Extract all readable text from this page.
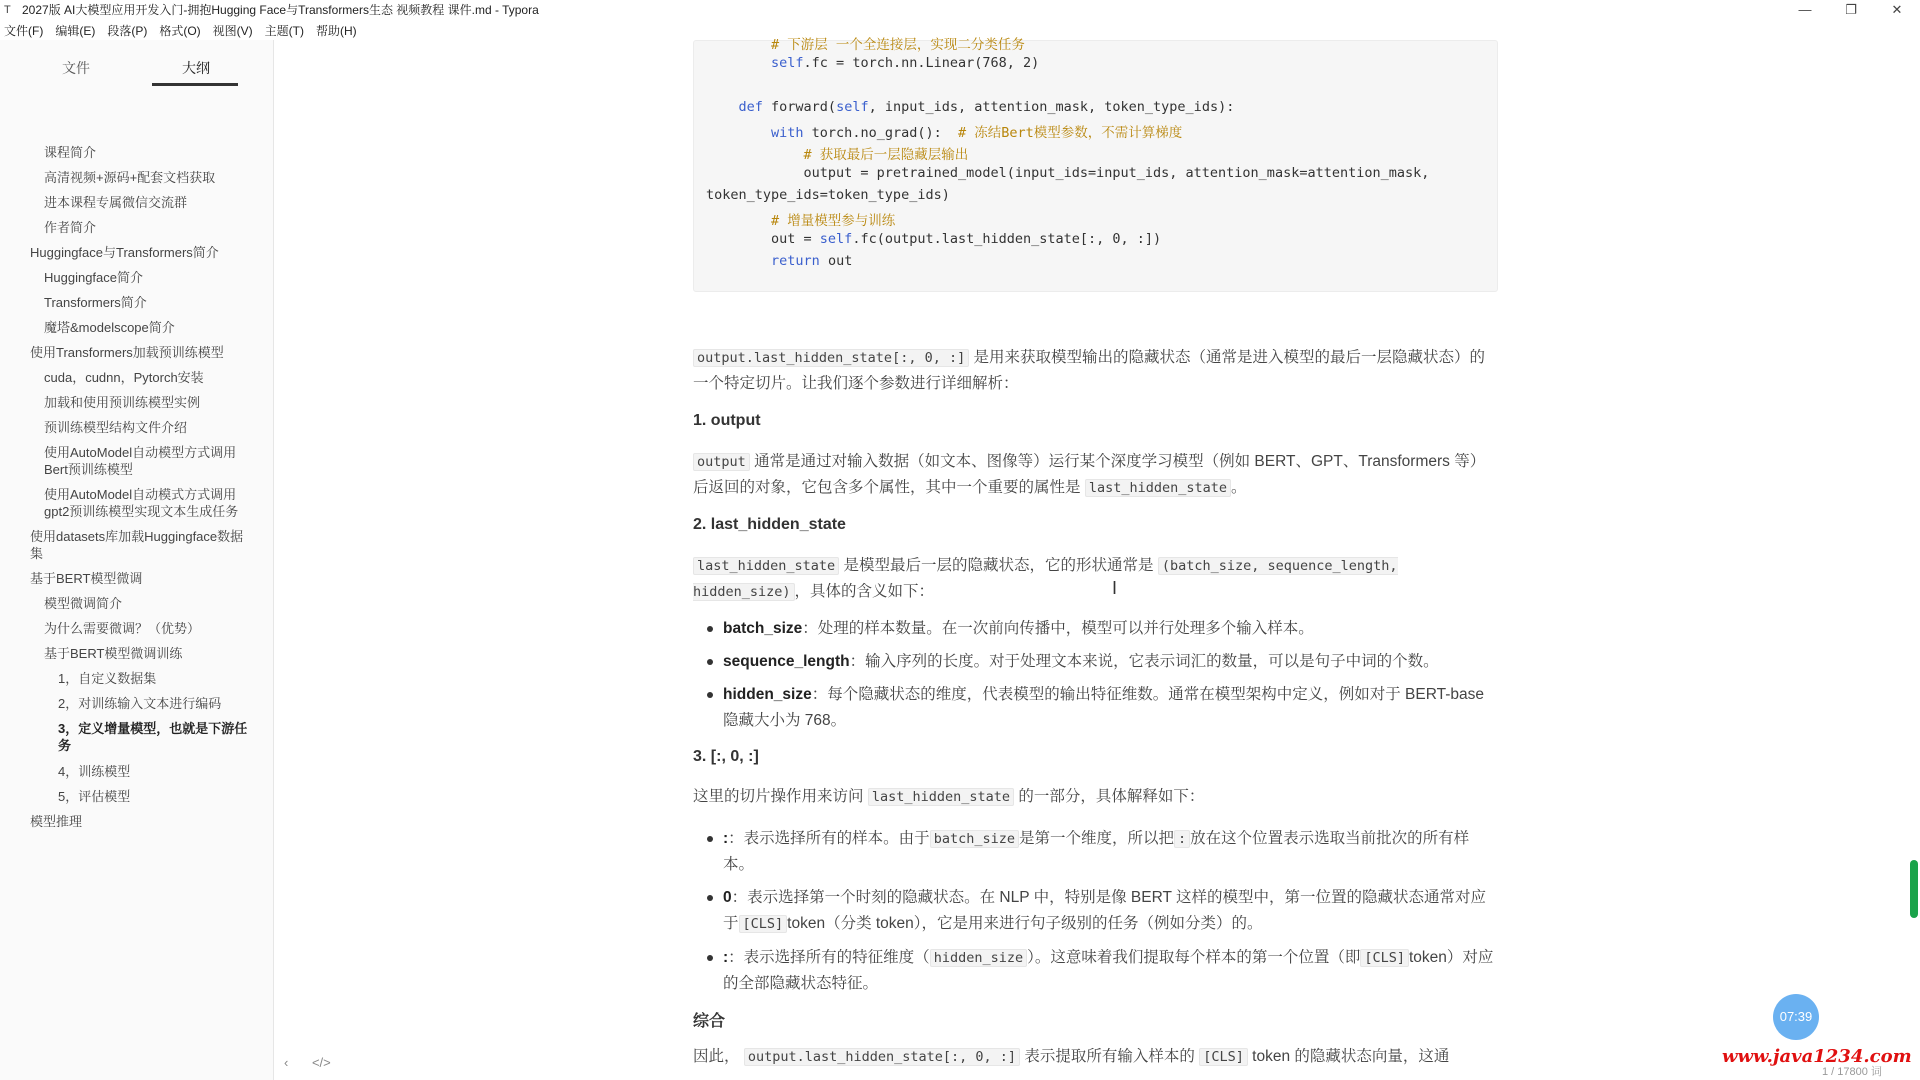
T 2027版 AI大模型应用开发入门-拥抱Hugging Face与Transformers生态 视频教程 课件.md - Typora	—	❐	✕
文件(F) 编辑(E) 段落(P) 格式(O) 视图(V) 主题(T) 帮助(H)
文件	大纲
课程简介
高清视频+源码+配套文档获取
进本课程专属微信交流群
作者简介
Huggingface与Transformers简介
Huggingface简介
Transformers简介
魔塔&modelscope简介
使用Transformers加载预训练模型
cuda，cudnn，Pytorch安装
加载和使用预训练模型实例
预训练模型结构文件介绍
使用AutoModel自动模型方式调用Bert预训练模型
使用AutoModel自动模式方式调用gpt2预训练模型实现文本生成任务
使用datasets库加载Huggingface数据集
基于BERT模型微调
模型微调简介
为什么需要微调？（优势）
基于BERT模型微调训练
1，自定义数据集
2，对训练输入文本进行编码
3，定义增量模型，也就是下游任务
4，训练模型
5，评估模型
模型推理
‹ </>
# 下游层 一个全连接层，实现二分类任务
self.fc = torch.nn.Linear(768, 2)
def forward(self, input_ids, attention_mask, token_type_ids):
with torch.no_grad():  # 冻结Bert模型参数，不需计算梯度
# 获取最后一层隐藏层输出
output = pretrained_model(input_ids=input_ids, attention_mask=attention_mask,
token_type_ids=token_type_ids)
# 增量模型参与训练
out = self.fc(output.last_hidden_state[:, 0, :])
return out
output.last_hidden_state[:, 0, :] 是用来获取模型输出的隐藏状态（通常是进入模型的最后一层隐藏状态）的一个特定切片。让我们逐个参数进行详细解析：
1. output
output 通常是通过对输入数据（如文本、图像等）运行某个深度学习模型（例如 BERT、GPT、Transformers 等）后返回的对象，它包含多个属性，其中一个重要的属性是 last_hidden_state 。
2. last_hidden_state
last_hidden_state 是模型最后一层的隐藏状态，它的形状通常是 (batch_size, sequence_length, hidden_size) ，具体的含义如下：
batch_size：处理的样本数量。在一次前向传播中，模型可以并行处理多个输入样本。
sequence_length：输入序列的长度。对于处理文本来说，它表示词汇的数量，可以是句子中词的个数。
hidden_size：每个隐藏状态的维度，代表模型的输出特征维数。通常在模型架构中定义，例如对于 BERT-base 隐藏大小为 768。
3. [:, 0, :]
这里的切片操作用来访问 last_hidden_state 的一部分，具体解释如下：
:：表示选择所有的样本。由于 batch_size 是第一个维度，所以把 : 放在这个位置表示选取当前批次的所有样本。
0：表示选择第一个时刻的隐藏状态。在 NLP 中，特别是像 BERT 这样的模型中，第一位置的隐藏状态通常对应于 [CLS] token（分类 token），它是用来进行句子级别的任务（例如分类）的。
:：表示选择所有的特征维度（ hidden_size ）。这意味着我们提取每个样本的第一个位置（即 [CLS] token）对应的全部隐藏状态特征。
综合
因此， output.last_hidden_state[:, 0, :] 表示提取所有输入样本的 [CLS] token 的隐藏状态向量，这通
I
07:39
www.java1234.com
1 / 17800 词
